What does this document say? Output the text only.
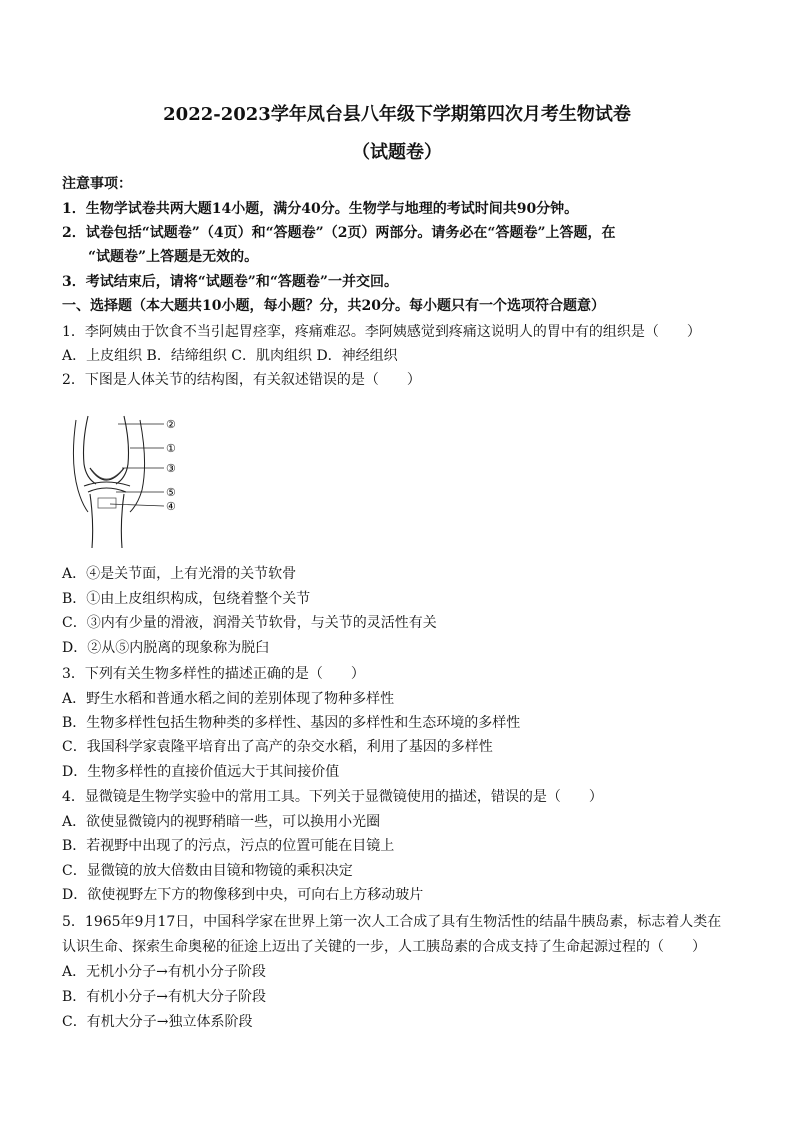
2022-2023学年凤台县八年级下学期第四次月考生物试卷
（试题卷）
注意事项：
1．生物学试卷共两大题14小题，满分40分。生物学与地理的考试时间共90分钟。
2．试卷包括“试题卷”（4页）和“答题卷”（2页）两部分。请务必在“答题卷”上答题，在
“试题卷”上答题是无效的。
3．考试结束后，请将“试题卷”和“答题卷”一并交回。
一、选择题（本大题共10小题，每小题？分，共20分。每小题只有一个选项符合题意）
1．李阿姨由于饮食不当引起胃痉挛，疼痛难忍。李阿姨感觉到疼痛这说明人的胃中有的组织是（　　）
A．上皮组织 B．结缔组织 C．肌肉组织 D．神经组织
2．下图是人体关节的结构图，有关叙述错误的是（　　）
②
①
③
⑤
④
A．④是关节面，上有光滑的关节软骨
B．①由上皮组织构成，包绕着整个关节
C．③内有少量的滑液，润滑关节软骨，与关节的灵活性有关
D．②从⑤内脱离的现象称为脱臼
3．下列有关生物多样性的描述正确的是（　　）
A．野生水稻和普通水稻之间的差别体现了物种多样性
B．生物多样性包括生物种类的多样性、基因的多样性和生态环境的多样性
C．我国科学家袁隆平培育出了高产的杂交水稻，利用了基因的多样性
D．生物多样性的直接价值远大于其间接价值
4．显微镜是生物学实验中的常用工具。下列关于显微镜使用的描述，错误的是（　　）
A．欲使显微镜内的视野稍暗一些，可以换用小光圈
B．若视野中出现了的污点，污点的位置可能在目镜上
C．显微镜的放大倍数由目镜和物镜的乘积决定
D．欲使视野左下方的物像移到中央，可向右上方移动玻片
5．1965年9月17日，中国科学家在世界上第一次人工合成了具有生物活性的结晶牛胰岛素，标志着人类在
认识生命、探索生命奥秘的征途上迈出了关键的一步，人工胰岛素的合成支持了生命起源过程的（　　）
A．无机小分子→有机小分子阶段
B．有机小分子→有机大分子阶段
C．有机大分子→独立体系阶段
